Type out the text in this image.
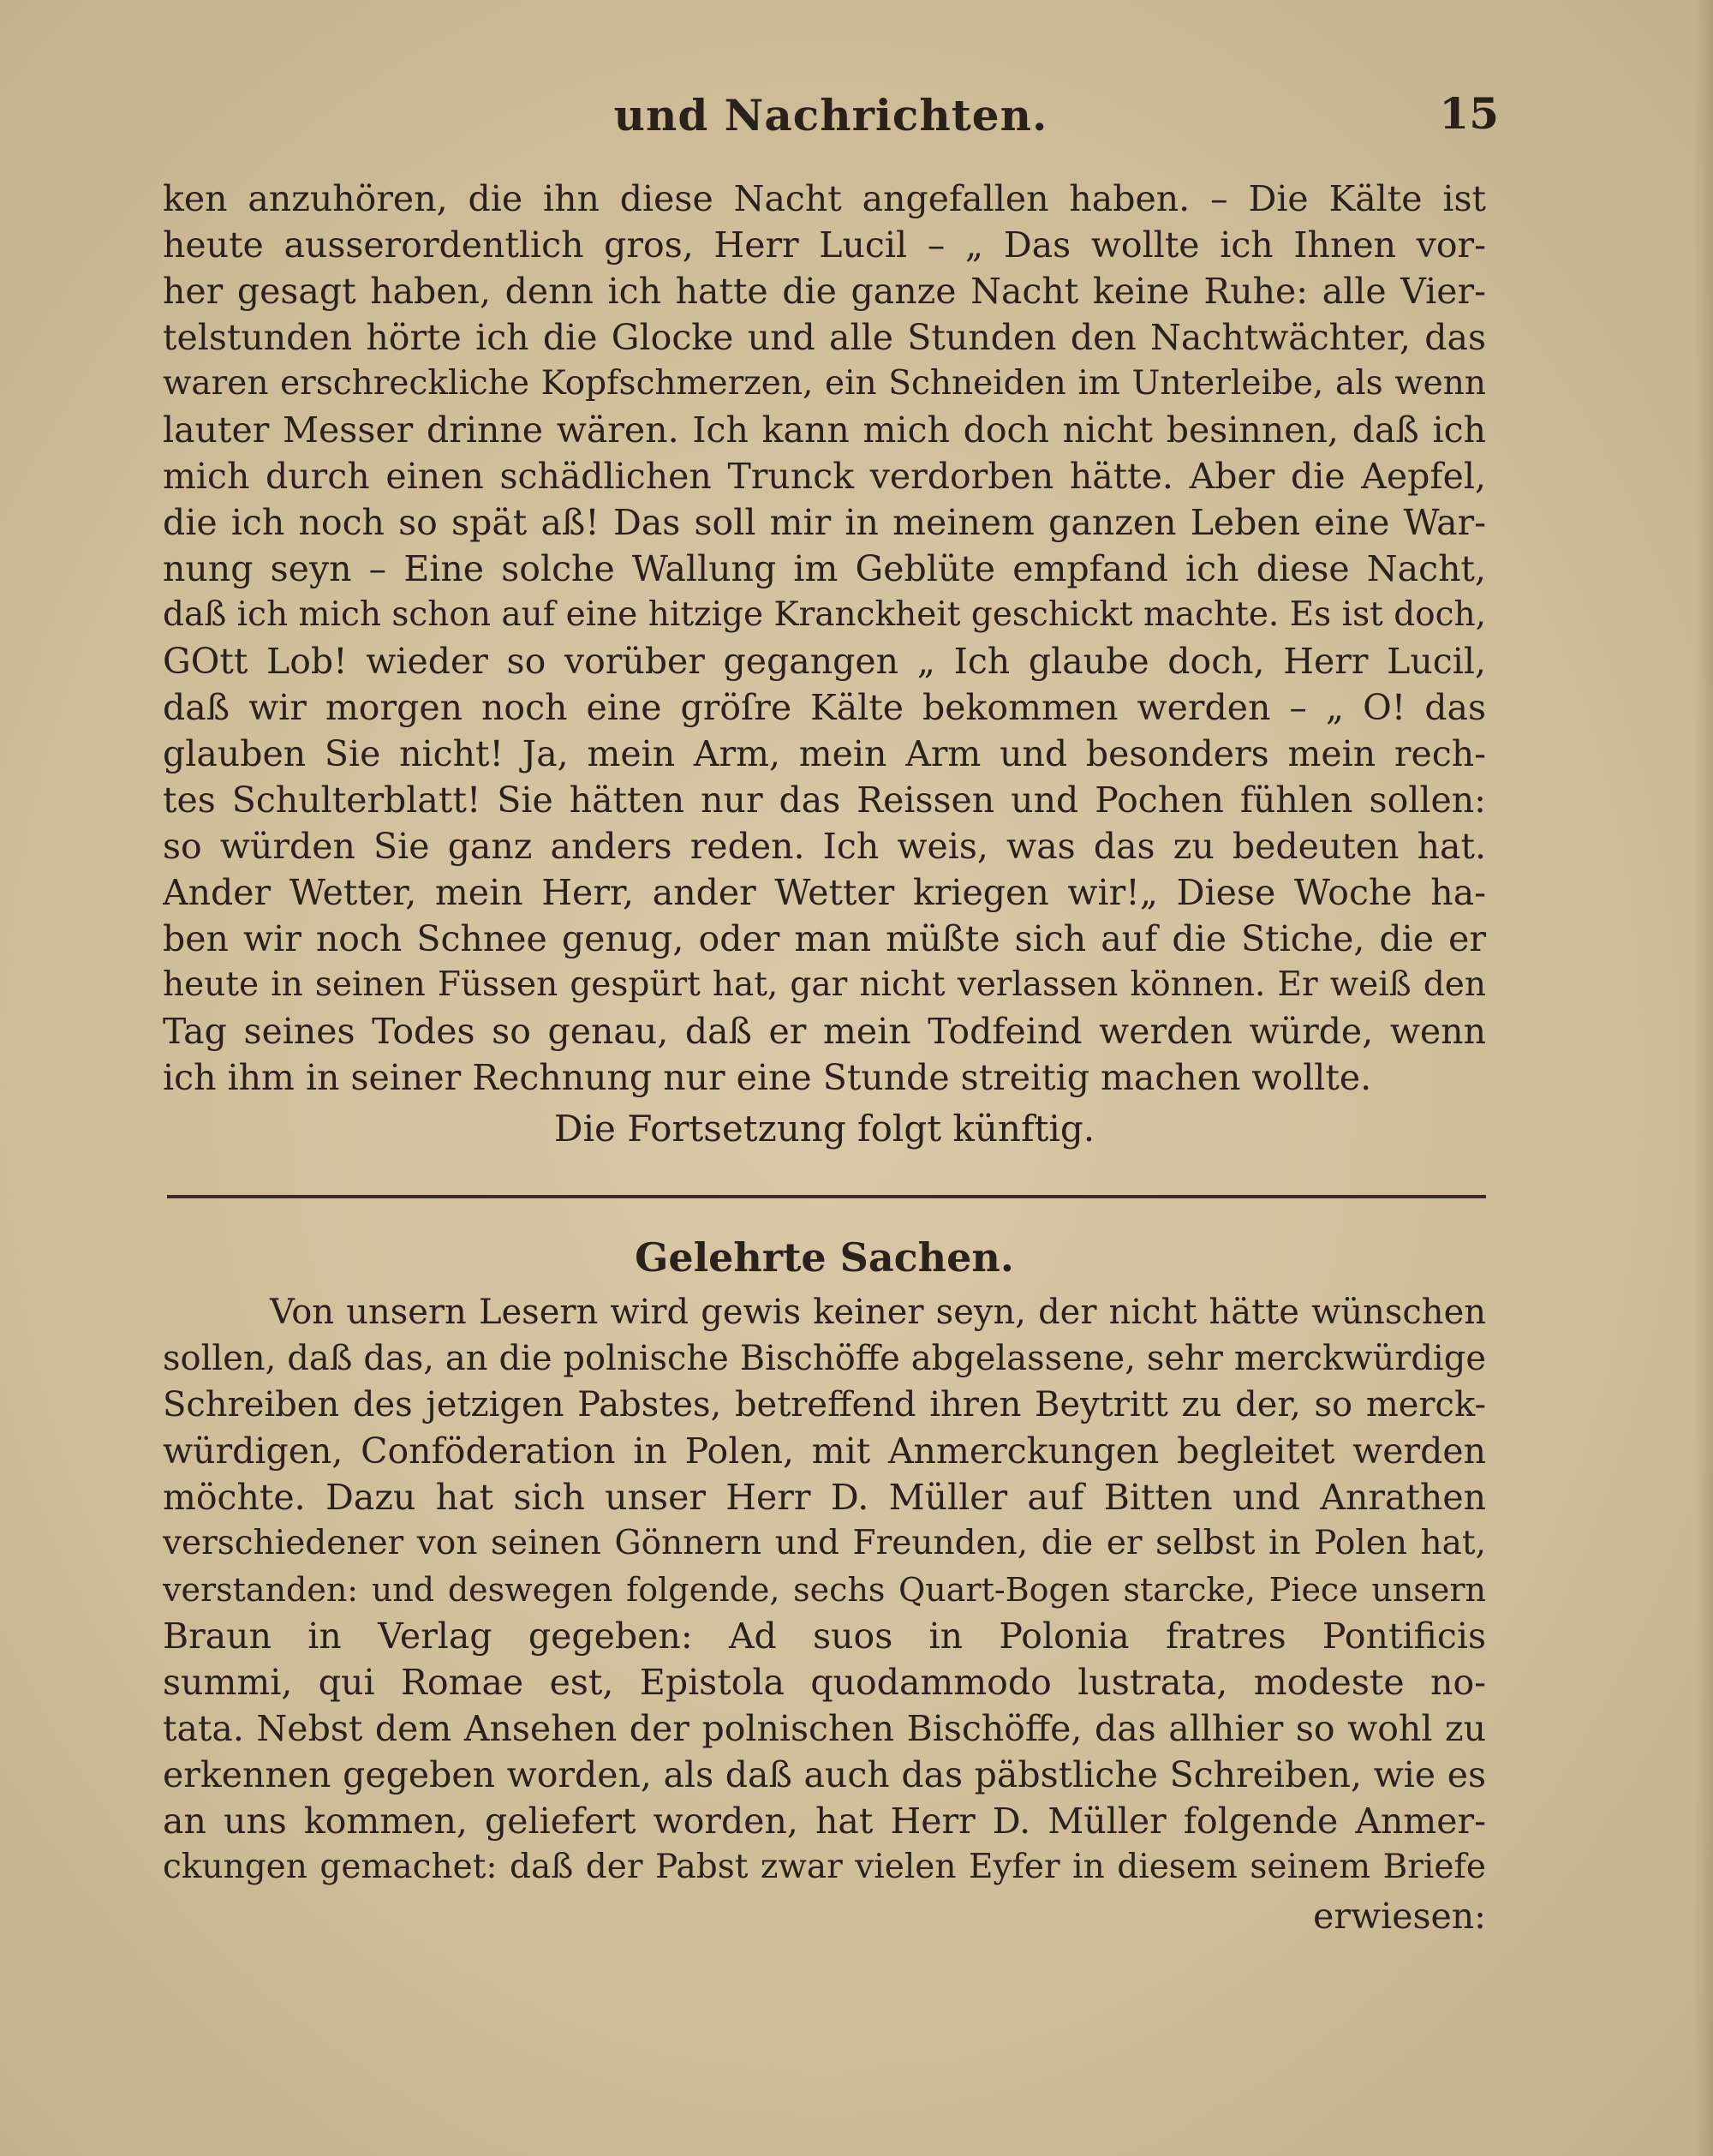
und Nachrichten.	15
ken anzuhören, die ihn diese Nacht angefallen haben. – Die Kälte ist
heute ausserordentlich gros, Herr Lucil – „ Das wollte ich Ihnen vor-
her gesagt haben, denn ich hatte die ganze Nacht keine Ruhe: alle Vier-
telstunden hörte ich die Glocke und alle Stunden den Nachtwächter, das
waren erschreckliche Kopfschmerzen, ein Schneiden im Unterleibe, als wenn
lauter Messer drinne wären. Ich kann mich doch nicht besinnen, daß ich
mich durch einen schädlichen Trunck verdorben hätte. Aber die Aepfel,
die ich noch so spät aß! Das soll mir in meinem ganzen Leben eine War-
nung seyn – Eine solche Wallung im Geblüte empfand ich diese Nacht,
daß ich mich schon auf eine hitzige Kranckheit geschickt machte. Es ist doch,
GOtt Lob! wieder so vorüber gegangen „ Ich glaube doch, Herr Lucil,
daß wir morgen noch eine gröſre Kälte bekommen werden – „ O! das
glauben Sie nicht! Ja, mein Arm, mein Arm und besonders mein rech-
tes Schulterblatt! Sie hätten nur das Reissen und Pochen fühlen sollen:
so würden Sie ganz anders reden. Ich weis, was das zu bedeuten hat.
Ander Wetter, mein Herr, ander Wetter kriegen wir!„ Diese Woche ha-
ben wir noch Schnee genug, oder man müßte sich auf die Stiche, die er
heute in seinen Füssen gespürt hat, gar nicht verlassen können. Er weiß den
Tag seines Todes so genau, daß er mein Todfeind werden würde, wenn
ich ihm in seiner Rechnung nur eine Stunde streitig machen wollte.
Die Fortsetzung folgt künftig.
Gelehrte Sachen.
Von unsern Lesern wird gewis keiner seyn, der nicht hätte wünschen
sollen, daß das, an die polnische Bischöffe abgelassene, sehr merckwürdige
Schreiben des jetzigen Pabstes, betreffend ihren Beytritt zu der, so merck-
würdigen, Conföderation in Polen, mit Anmerckungen begleitet werden
möchte. Dazu hat sich unser Herr D. Müller auf Bitten und Anrathen
verschiedener von seinen Gönnern und Freunden, die er selbst in Polen hat,
verstanden: und deswegen folgende, sechs Quart-Bogen starcke, Piece unsern
Braun in Verlag gegeben: Ad suos in Polonia fratres Pontificis
summi, qui Romae est, Epistola quodammodo lustrata, modeste no-
tata. Nebst dem Ansehen der polnischen Bischöffe, das allhier so wohl zu
erkennen gegeben worden, als daß auch das päbstliche Schreiben, wie es
an uns kommen, geliefert worden, hat Herr D. Müller folgende Anmer-
ckungen gemachet: daß der Pabst zwar vielen Eyfer in diesem seinem Briefe
erwiesen:
